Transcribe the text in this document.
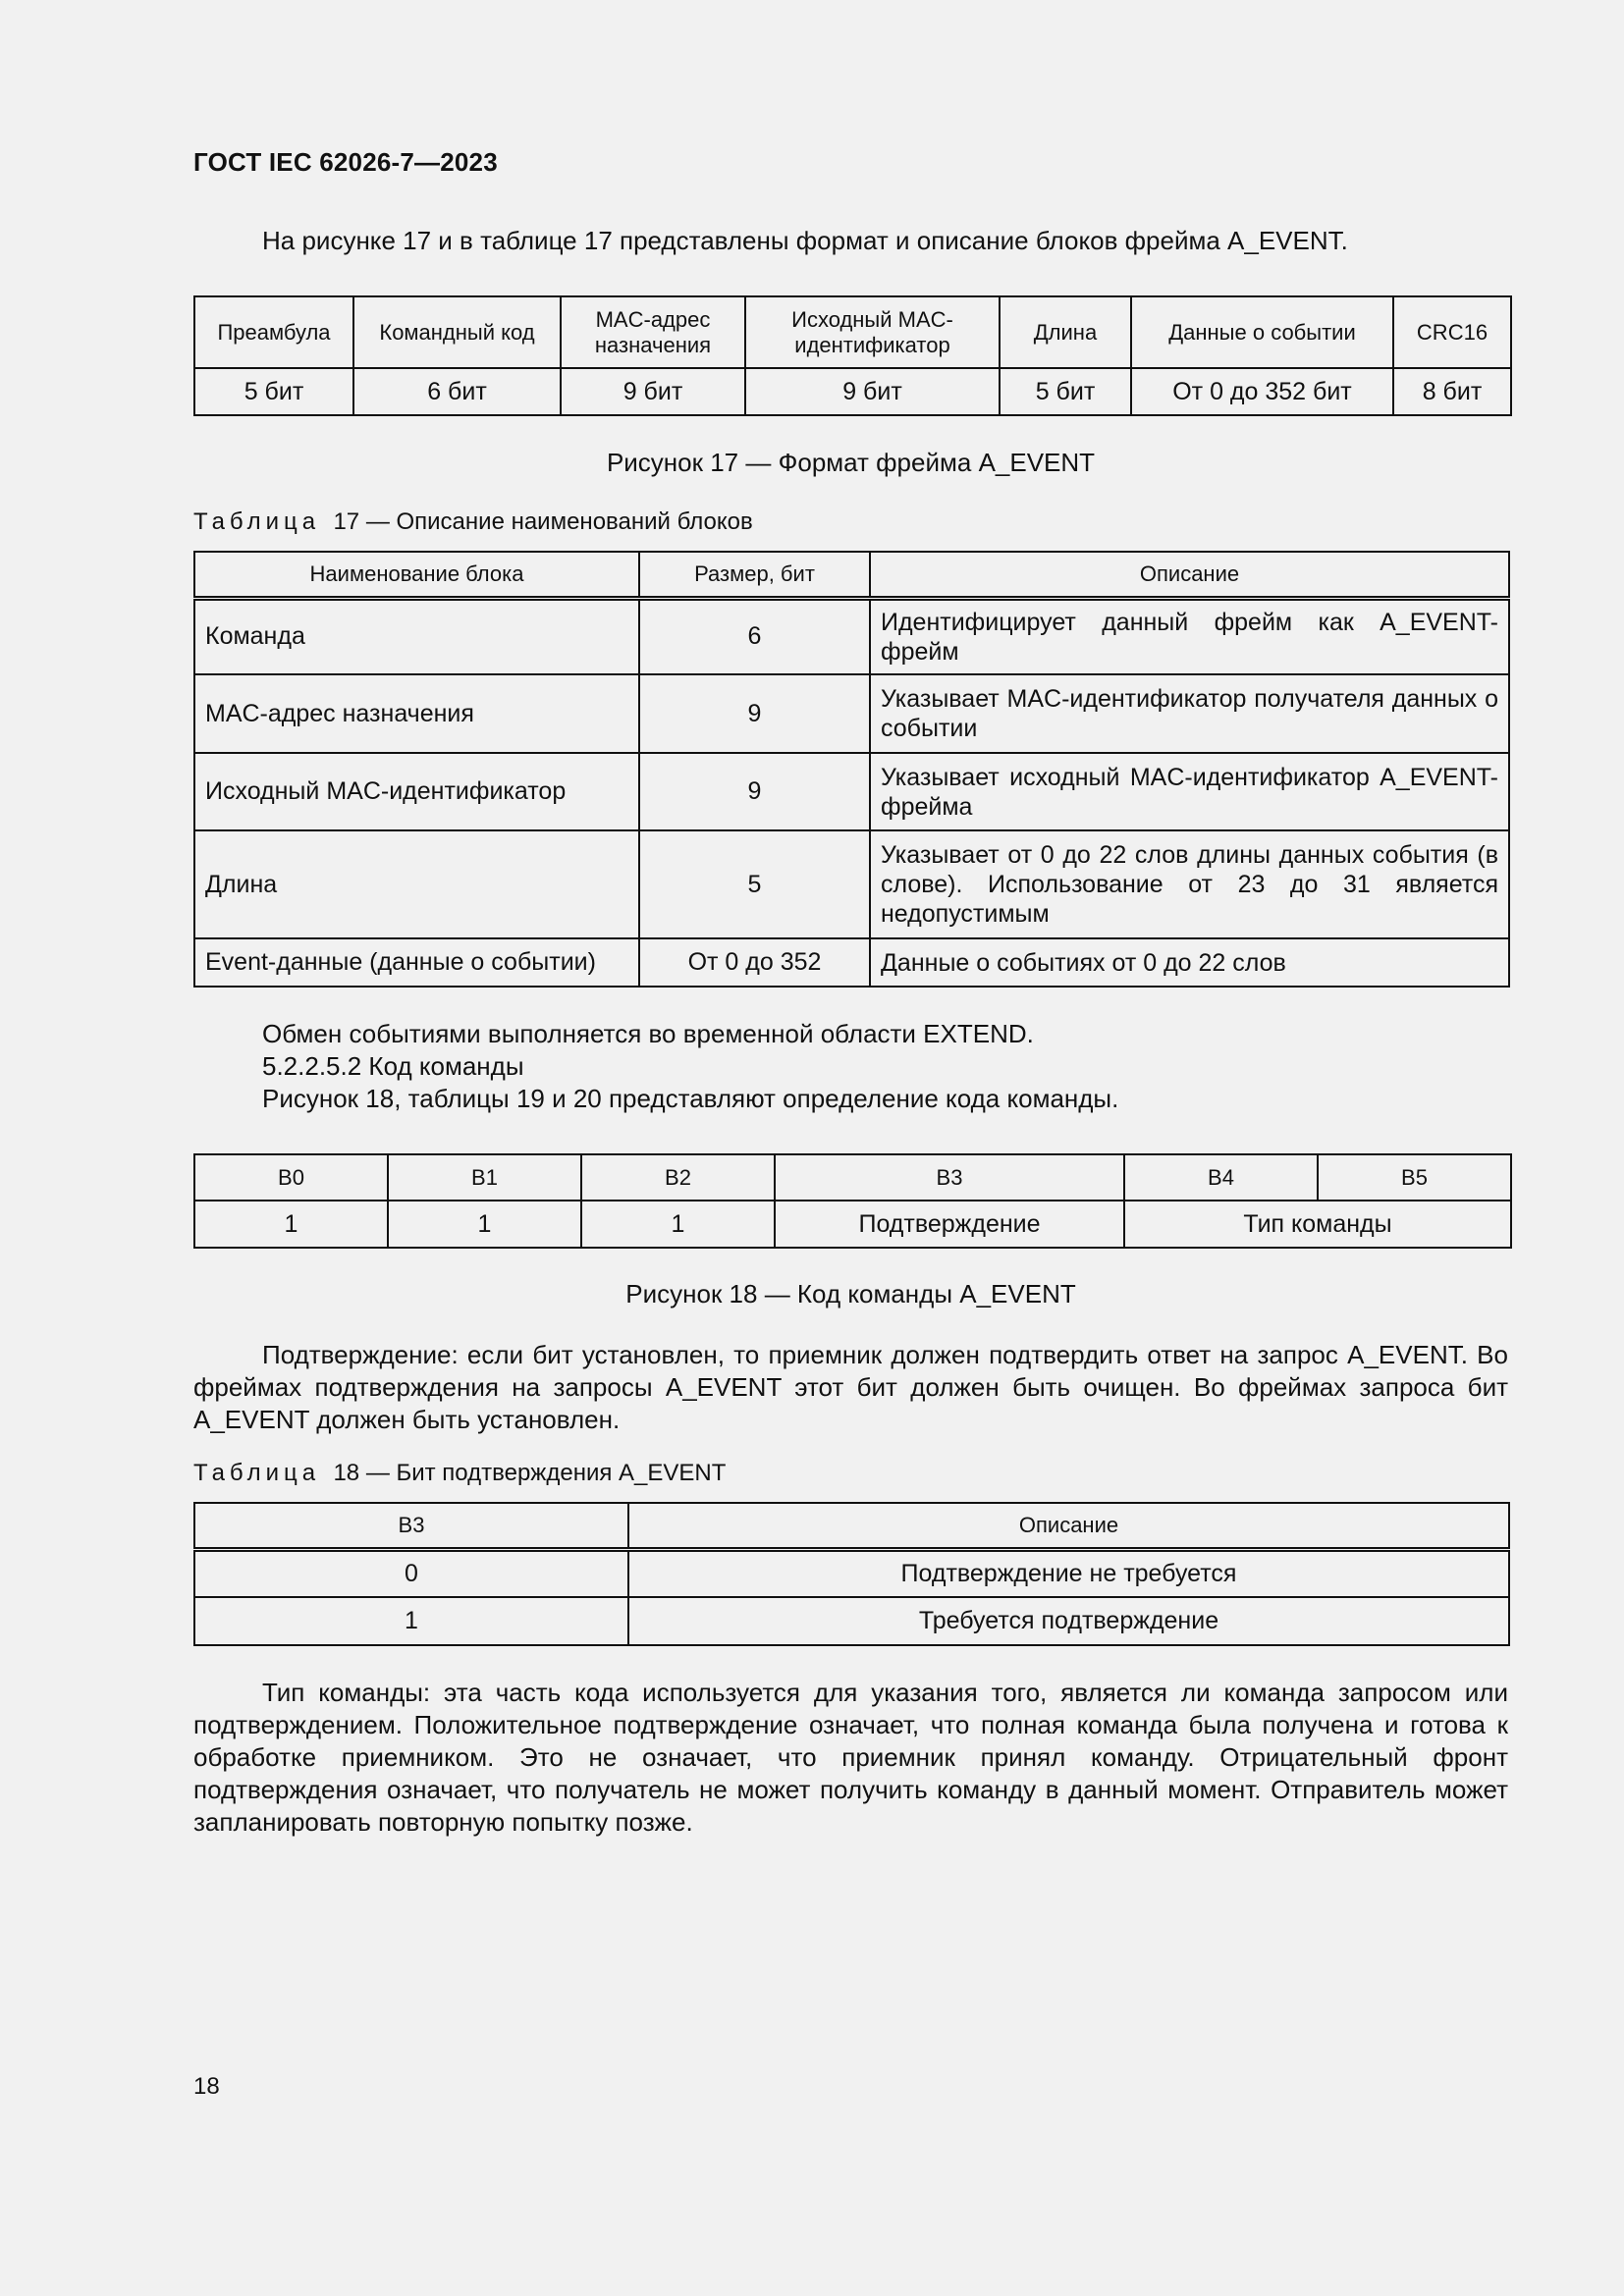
ГОСТ IEC 62026-7—2023
На рисунке 17 и в таблице 17 представлены формат и описание блоков фрейма A_EVENT.
Преамбула	Командный код	MAC-адрес назначения	Исходный MAC-идентификатор	Длина	Данные о событии	CRC16
5 бит	6 бит	9 бит	9 бит	5 бит	От 0 до 352 бит	8 бит
Рисунок 17 — Формат фрейма A_EVENT
Таблица 17 — Описание наименований блоков
Наименование блока	Размер, бит	Описание
Команда	6	Идентифицирует данный фрейм как A_EVENT-фрейм
MAC-адрес назначения	9	Указывает MAC-идентификатор получателя данных о событии
Исходный MAC-идентификатор	9	Указывает исходный MAC-идентификатор A_EVENT-фрейма
Длина	5	Указывает от 0 до 22 слов длины данных события (в слове). Использование от 23 до 31 является недопустимым
Event-данные (данные о событии)	От 0 до 352	Данные о событиях от 0 до 22 слов
Обмен событиями выполняется во временной области EXTEND.
5.2.2.5.2 Код команды
Рисунок 18, таблицы 19 и 20 представляют определение кода команды.
B0	B1	B2	B3	B4	B5
1	1	1	Подтверждение	Тип команды	
Рисунок 18 — Код команды A_EVENT
Подтверждение: если бит установлен, то приемник должен подтвердить ответ на запрос A_EVENT. Во фреймах подтверждения на запросы A_EVENT этот бит должен быть очищен. Во фреймах запроса бит A_EVENT должен быть установлен.
Таблица 18 — Бит подтверждения A_EVENT
B3	Описание
0	Подтверждение не требуется
1	Требуется подтверждение
Тип команды: эта часть кода используется для указания того, является ли команда запросом или подтверждением. Положительное подтверждение означает, что полная команда была получена и готова к обработке приемником. Это не означает, что приемник принял команду. Отрицательный фронт подтверждения означает, что получатель не может получить команду в данный момент. Отправитель может запланировать повторную попытку позже.
18
